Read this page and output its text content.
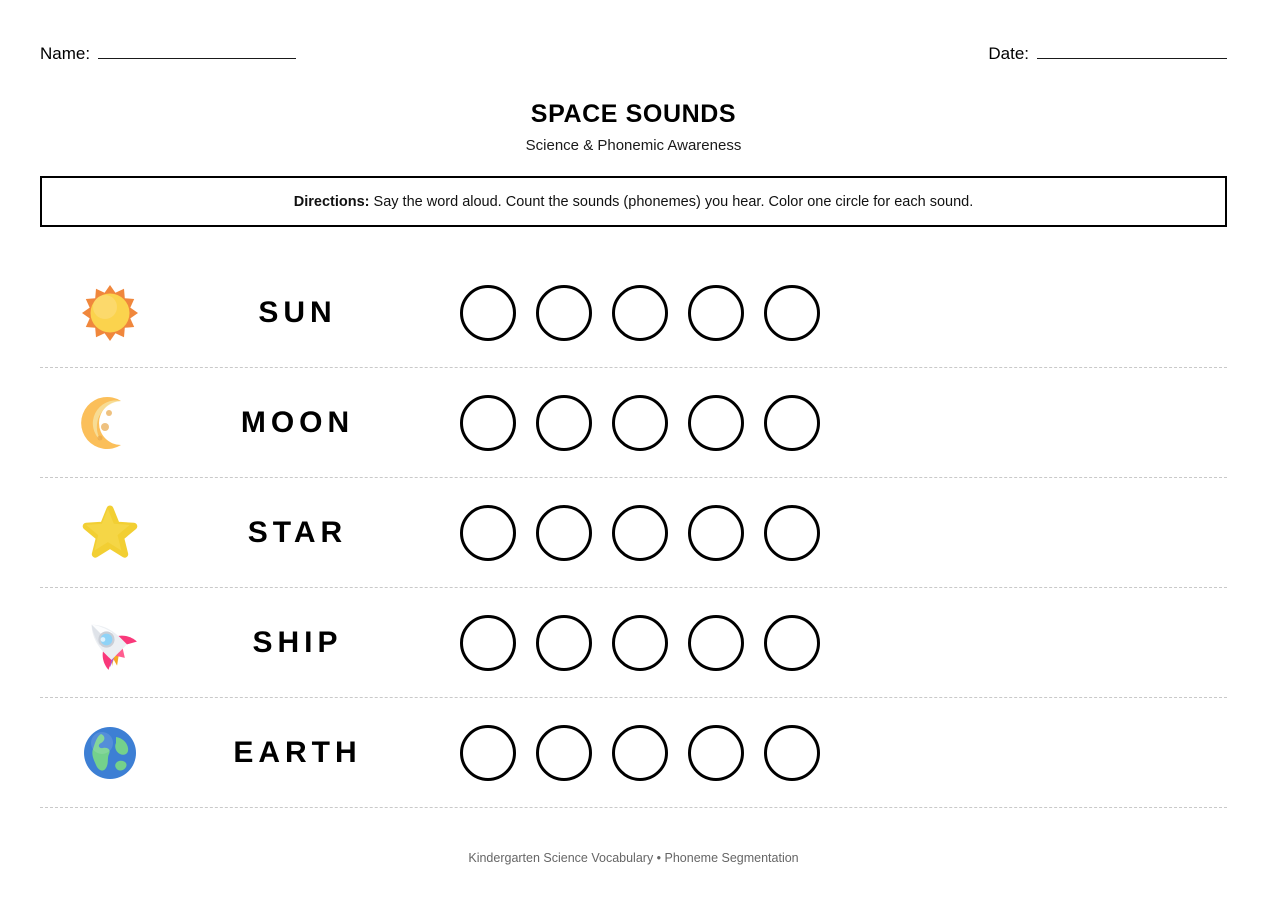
Name:	Date:
SPACE SOUNDS
Science & Phonemic Awareness
Directions: Say the word aloud. Count the sounds (phonemes) you hear. Color one circle for each sound.
SUN
MOON
STAR
SHIP
EARTH
Kindergarten Science Vocabulary • Phoneme Segmentation
